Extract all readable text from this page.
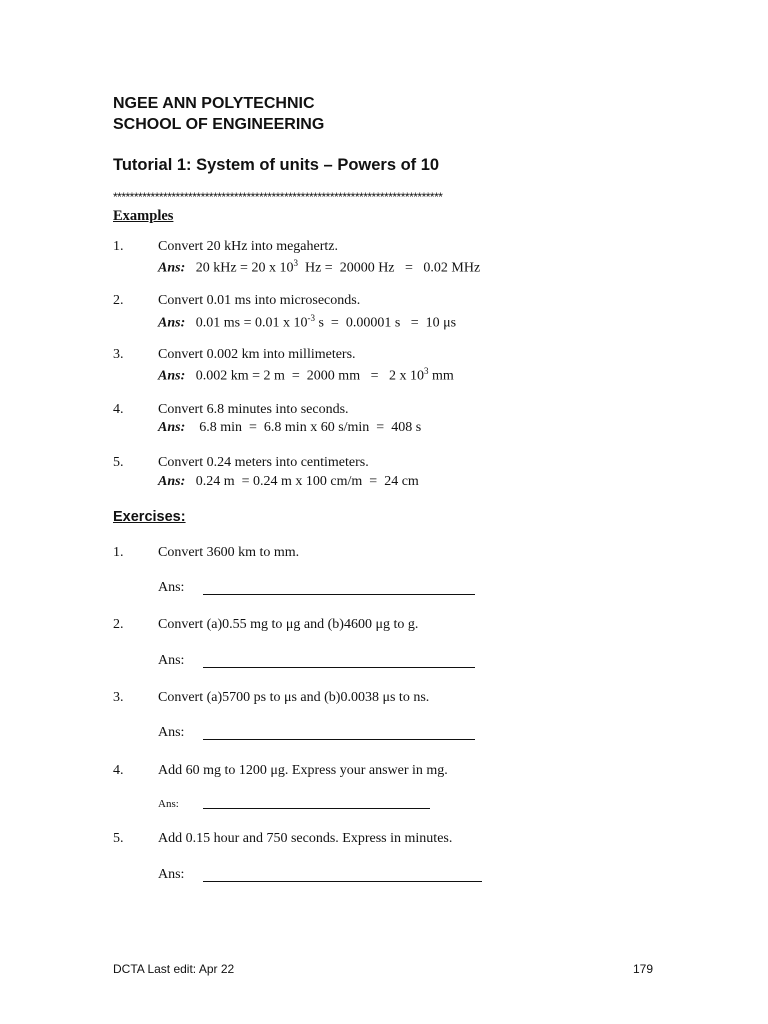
NGEE ANN POLYTECHNIC
SCHOOL OF ENGINEERING
Tutorial 1: System of units – Powers of 10
*******************************************************************************
Examples
1. Convert 20 kHz into megahertz.
Ans: 20 kHz = 20 x $10^3$  Hz =  20000 Hz   =   0.02 MHz
2. Convert 0.01 ms into microseconds.
Ans: 0.01 ms = 0.01 x $10^{-3}$ s  =  0.00001 s   =  10 μs
3. Convert 0.002 km into millimeters.
Ans: 0.002 km = 2 m  =  2000 mm   =   2 x $10^3$ mm
4. Convert 6.8 minutes into seconds.
Ans:    6.8 min  =  6.8 min x 60 s/min  =  408 s
5. Convert 0.24 meters into centimeters.
Ans: 0.24 m  = 0.24 m x 100 cm/m  =  24 cm
Exercises:
1. Convert 3600 km to mm.
Ans:
2. Convert (a)0.55 mg to μg and (b)4600 μg to g.
Ans:
3. Convert (a)5700 ps to μs and (b)0.0038 μs to ns.
Ans:
4. Add 60 mg to 1200 μg. Express your answer in mg.
Ans:
5. Add 0.15 hour and 750 seconds. Express in minutes.
Ans:
DCTA Last edit: Apr 22	179
